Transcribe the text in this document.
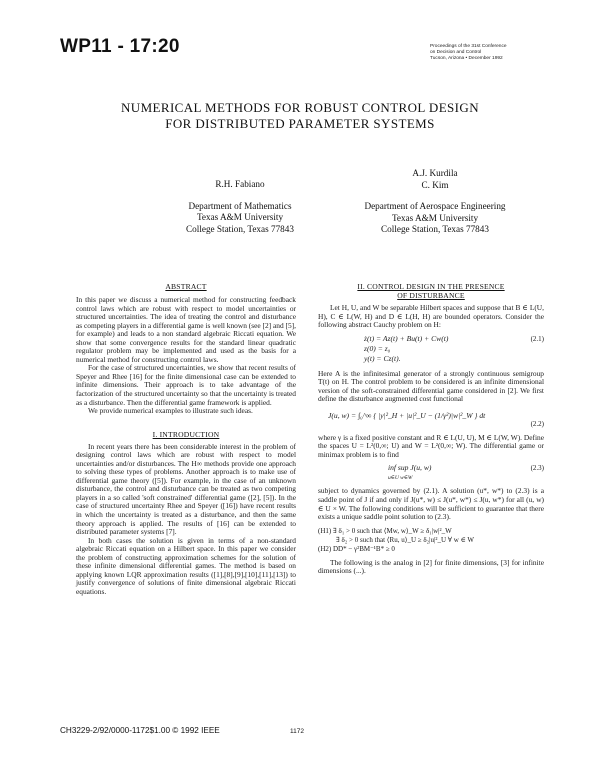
WP11 - 17:20	Proceedings of the 31st Conference
on Decision and Control
Tucson, Arizona • December 1992
NUMERICAL METHODS FOR ROBUST CONTROL DESIGN
FOR DISTRIBUTED PARAMETER SYSTEMS
R.H. Fabiano
Department of Mathematics
Texas A&M University
College Station, Texas 77843
A.J. Kurdila
C. Kim
Department of Aerospace Engineering
Texas A&M University
College Station, Texas 77843
ABSTRACT

In this paper we discuss a numerical method for constructing feedback control laws which are robust with respect to model uncertainties or structured uncertainties. The idea of treating the control and disturbance as competing players in a differential game is well known (see [2] and [5], for example) and leads to a non standard algebraic Riccati equation. We show that some convergence results for the standard linear quadratic regulator problem may be implemented and used as the basis for a numerical method for constructing control laws.

For the case of structured uncertainties, we show that recent results of Speyer and Rhee [16] for the finite dimensional case can be extended to infinite dimensions. Their approach is to take advantage of the factorization of the structured uncertainty so that the uncertainty is treated as a disturbance. Then the differential game framework is applied.

We provide numerical examples to illustrate such ideas.

I. INTRODUCTION

In recent years there has been considerable interest in the problem of designing control laws which are robust with respect to model uncertainties and/or disturbances. The H∞ methods provide one approach to solving these types of problems. Another approach is to make use of differential game theory ([5]). For example, in the case of an unknown disturbance, the control and disturbance can be treated as two competing players in a so called 'soft constrained' differential game ([2], [5]). In the case of structured uncertainty Rhee and Speyer ([16]) have recent results in which the uncertainty is treated as a disturbance, and then the same theory approach is applied. The results of [16] can be extended to distributed parameter systems [7].

In both cases the solution is given in terms of a non-standard algebraic Riccati equation on a Hilbert space. In this paper we consider the problem of constructing approximation schemes for the solution of these infinite dimensional differential games. The method is based on applying known LQR approximation results ([1],[8],[9],[10],[11],[13]) to justify convergence of solutions of finite dimensional algebraic Riccati equations.

II. CONTROL DESIGN IN THE PRESENCE
OF DISTURBANCE

Let H, U, and W be separable Hilbert spaces and suppose that B ∈ L(U, H), C ∈ L(W, H) and D ∈ L(H, H) are bounded operators. Consider the following abstract Cauchy problem on H:

ż(t) = Az(t) + Bu(t) + Cw(t)	(2.1)
z(0) = z₀
y(t) = Cz(t).

Here A is the infinitesimal generator of a strongly continuous semigroup T(t) on H. The control problem to be considered is an infinite dimensional version of the soft-constrained differential game considered in [2]. We first define the disturbance augmented cost functional

J(u, w) = ∫₀^∞ { |y|²_H + |u|²_U − (1/γ²)|w|²_W } dt
(2.2)

where γ is a fixed positive constant and R ∈ L(U, U), M ∈ L(W, W). Define the spaces U = L²(0,∞; U) and W = L²(0,∞; W). The differential game or minimax problem is to find

inf sup J(u, w)
u∈U w∈W
(2.3)

subject to dynamics governed by (2.1). A solution (u*, w*) to (2.3) is a saddle point of J if and only if J(u*, w) ≤ J(u*, w*) ≤ J(u, w*) for all (u, w) ∈ U × W. The following conditions will be sufficient to guarantee that there exists a unique saddle point solution to (2.3).

(H1) ∃ δ₁ > 0 such that ⟨Mw, w⟩_W ≥ δ₁|w|²_W
∃ δ₂ > 0 such that ⟨Ru, u⟩_U ≥ δ₂|u|²_U ∀ w ∈ W
(H2) DD* − γ²BM⁻¹B* ≥ 0

The following is the analog in [2] for finite dimensions, [3] for infinite dimensions (...).

CH3229-2/92/0000-1172$1.00 © 1992 IEEE	1172
